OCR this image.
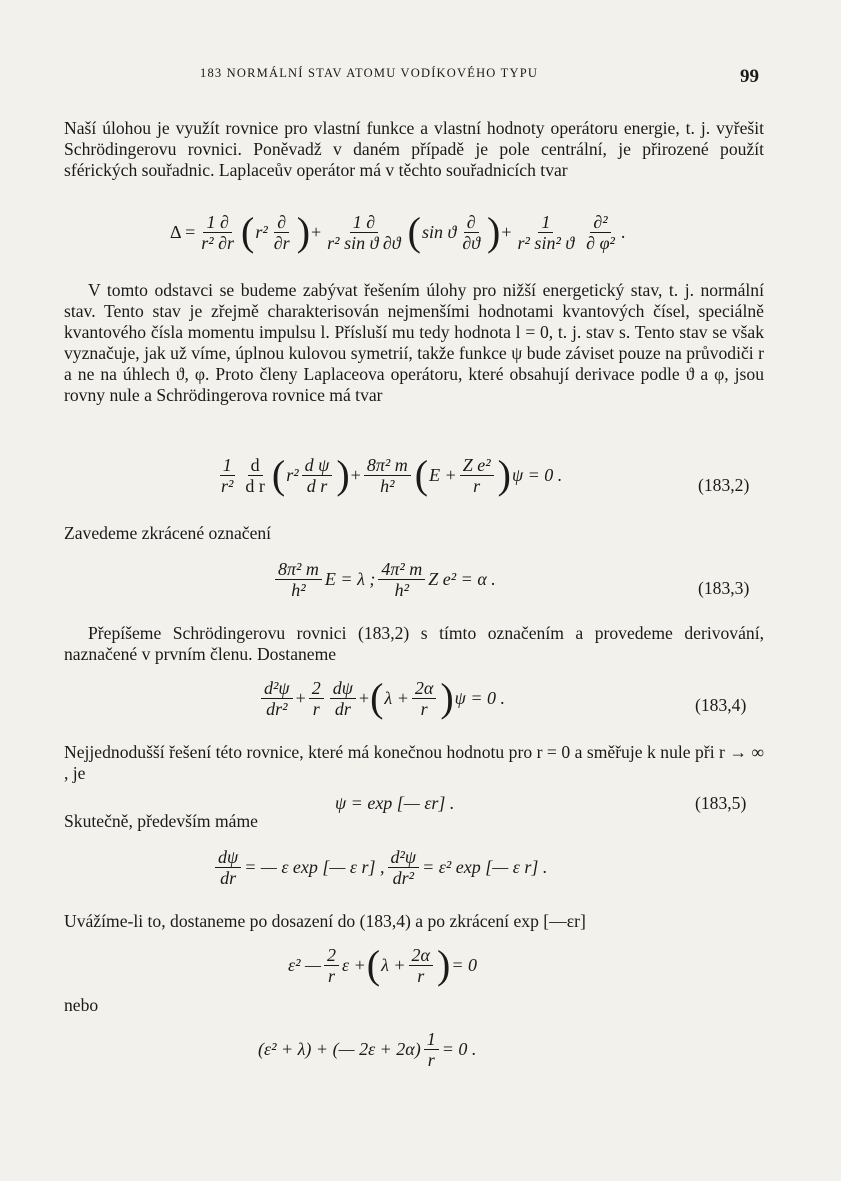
183 NORMÁLNÍ STAV ATOMU VODÍKOVÉHO TYPU	99

Naší úlohou je využít rovnice pro vlastní funkce a vlastní hodnoty operátoru energie, t. j. vyřešit Schrödingerovu rovnici. Poněvadž v daném případě je pole centrální, je přirozené použít sférických souřadnic. Laplaceův operátor má v těchto souřadnicích tvar

$\Delta = \frac{1 \partial}{\text{r² ∂r}}$ ( $r^2 \frac{\partial}{\partial r}$ ) + $\frac{1 \partial}{\text{r² sin ϑ ∂ϑ}}$ ( sin ϑ $\frac{\partial}{\partial ϑ}$ ) + $\frac{1}{\text{r² sin² ϑ}} \frac{\text{∂²}}{\text{∂ φ²}}$ .

V tomto odstavci se budeme zabývat řešením úlohy pro nižší energetický stav, t. j. normální stav. Tento stav je zřejmě charakterisován nejmenšími hodnotami kvantových čísel, speciálně kvantového čísla momentu impulsu l. Přísluší mu tedy hodnota l = 0, t. j. stav s. Tento stav se však vyznačuje, jak už víme, úplnou kulovou symetrií, takže funkce ψ bude záviset pouze na průvodiči r a ne na úhlech ϑ, φ. Proto členy Laplaceova operátoru, které obsahují derivace podle ϑ a φ, jsou rovny nule a Schrödingerova rovnice má tvar

$\frac{1}{\text{r²}} \frac{d}{\text{d r}}$ ( $r^2 \frac{\text{d ψ}}{\text{d r}}$ ) + $\frac{\text{8π² m}}{\text{h²}}$ ( $E + \frac{\text{Z e²}}{r}$ ) ψ = 0 .
(183,2)

Zavedeme zkrácené označení

$\frac{\text{8π² m}}{\text{h²}}$ E = λ ; $\frac{\text{4π² m}}{\text{h²}}$ Z e² = α .	(183,3)

Přepíšeme Schrödingerovu rovnici (183,2) s tímto označením a provedeme derivování, naznačené v prvním členu. Dostaneme

$\frac{\text{d²ψ}}{\text{dr²}} + \frac{2}{r} \frac{d\psi}{dr}$ + ( $\lambda + \frac{2\alpha}{r}$ ) ψ = 0 .	(183,4)

Nejjednodušší řešení této rovnice, které má konečnou hodnotu pro r = 0 a směřuje k nule při r → ∞ , je

ψ = exp [— εr] .	(183,5)

Skutečně, především máme

$\frac{d\psi}{dr}$ = — ε exp [— ε r] , $\frac{\text{d²ψ}}{\text{dr²}} = \varepsilon^2$ exp [— ε r] .

Uvážíme-li to, dostaneme po dosazení do (183,4) a po zkrácení exp [—εr]

ε² — $\frac{2}{r}$ ε + ( $\lambda + \frac{2\alpha}{r}$ ) = 0

nebo

(ε² + λ) + (— $2\varepsilon + 2\alpha) \frac{1}{r} = 0$ .
